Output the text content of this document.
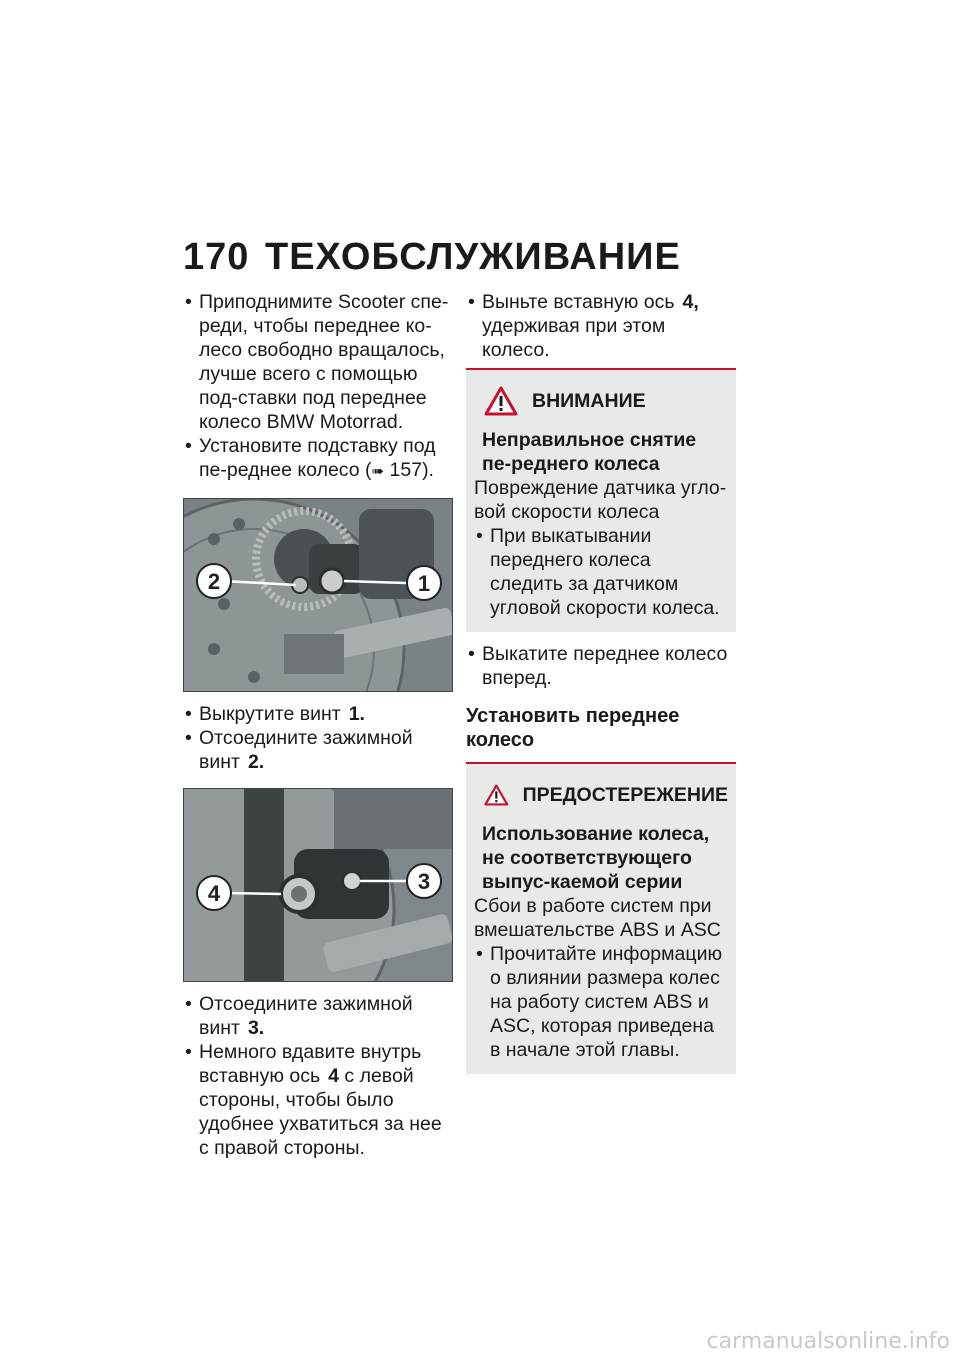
170 ТЕХОБСЛУЖИВАНИЕ

• Приподнимите Scooter спе-реди, чтобы переднее ко-лесо свободно вращалось, лучше всего с помощью под-ставки под переднее колесо BMW Motorrad.

• Установите подставку под пе-реднее колесо (➠ 157).

2	1

• Выкрутите винт 1.

• Отсоедините зажимной винт 2.

4	3

• Отсоедините зажимной винт 3.

• Немного вдавите внутрь вставную ось 4 с левой стороны, чтобы было удобнее ухватиться за нее с правой стороны.

• Выньте вставную ось 4, удерживая при этом колесо.

ВНИМАНИЕ
Неправильное снятие пе-реднего колеса
Повреждение датчика угло-вой скорости колеса

• При выкатывании переднего колеса следить за датчиком угловой скорости колеса.

• Выкатите переднее колесо вперед.

Установить переднее колесо
ПРЕДОСТЕРЕЖЕНИЕ
Использование колеса, не соответствующего выпус-каемой серии
Сбои в работе систем при вмешательстве ABS и ASC

• Прочитайте информацию о влиянии размера колес на работу систем ABS и ASC, которая приведена в начале этой главы.

carmanualsonline.info
